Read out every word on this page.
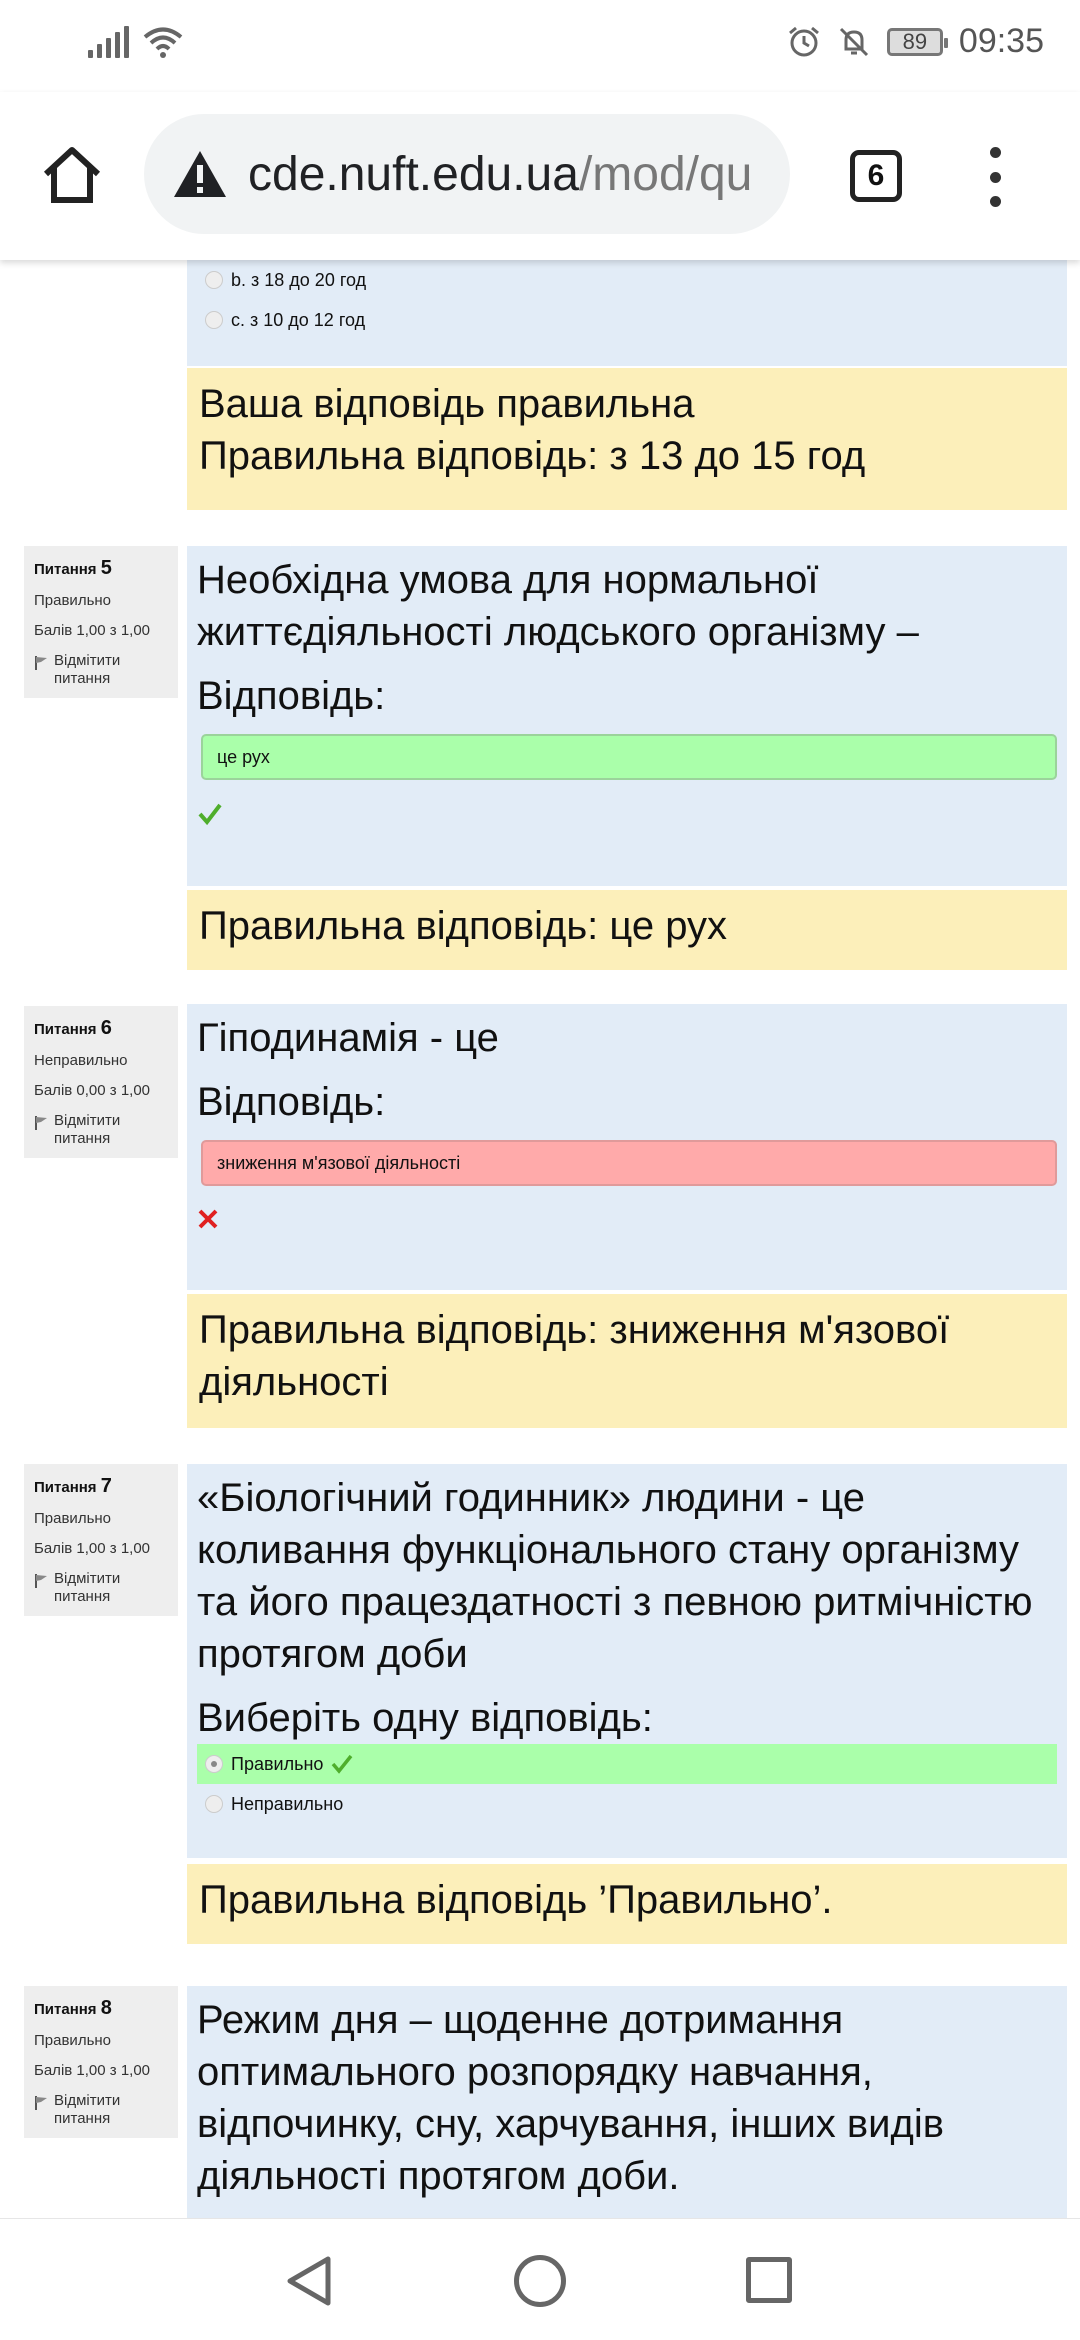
89 09:35
cde.nuft.edu.ua /mod/qu	6
b. з 18 до 20 год
c. з 10 до 12 год
Ваша відповідь правильна
Правильна відповідь: з 13 до 15 год
Питання 5
Правильно
Балів 1,00 з 1,00
Відмітити питання
Необхідна умова для нормальної життєдіяльності людського організму –
Відповідь:
це рух
Правильна відповідь: це рух
Питання 6
Неправильно
Балів 0,00 з 1,00
Відмітити питання
Гіподинамія - це
Відповідь:
зниження м'язової діяльності
Правильна відповідь: зниження м'язової діяльності
Питання 7
Правильно
Балів 1,00 з 1,00
Відмітити питання
«Біологічний годинник» людини - це коливання функціонального стану організму та його працездатності з певною ритмічністю протягом доби
Виберіть одну відповідь:
Правильно
Неправильно
Правильна відповідь ’Правильно’.
Питання 8
Правильно
Балів 1,00 з 1,00
Відмітити питання
Режим дня – щоденне дотримання оптимального розпорядку навчання, відпочинку, сну, харчування, інших видів діяльності протягом доби.
